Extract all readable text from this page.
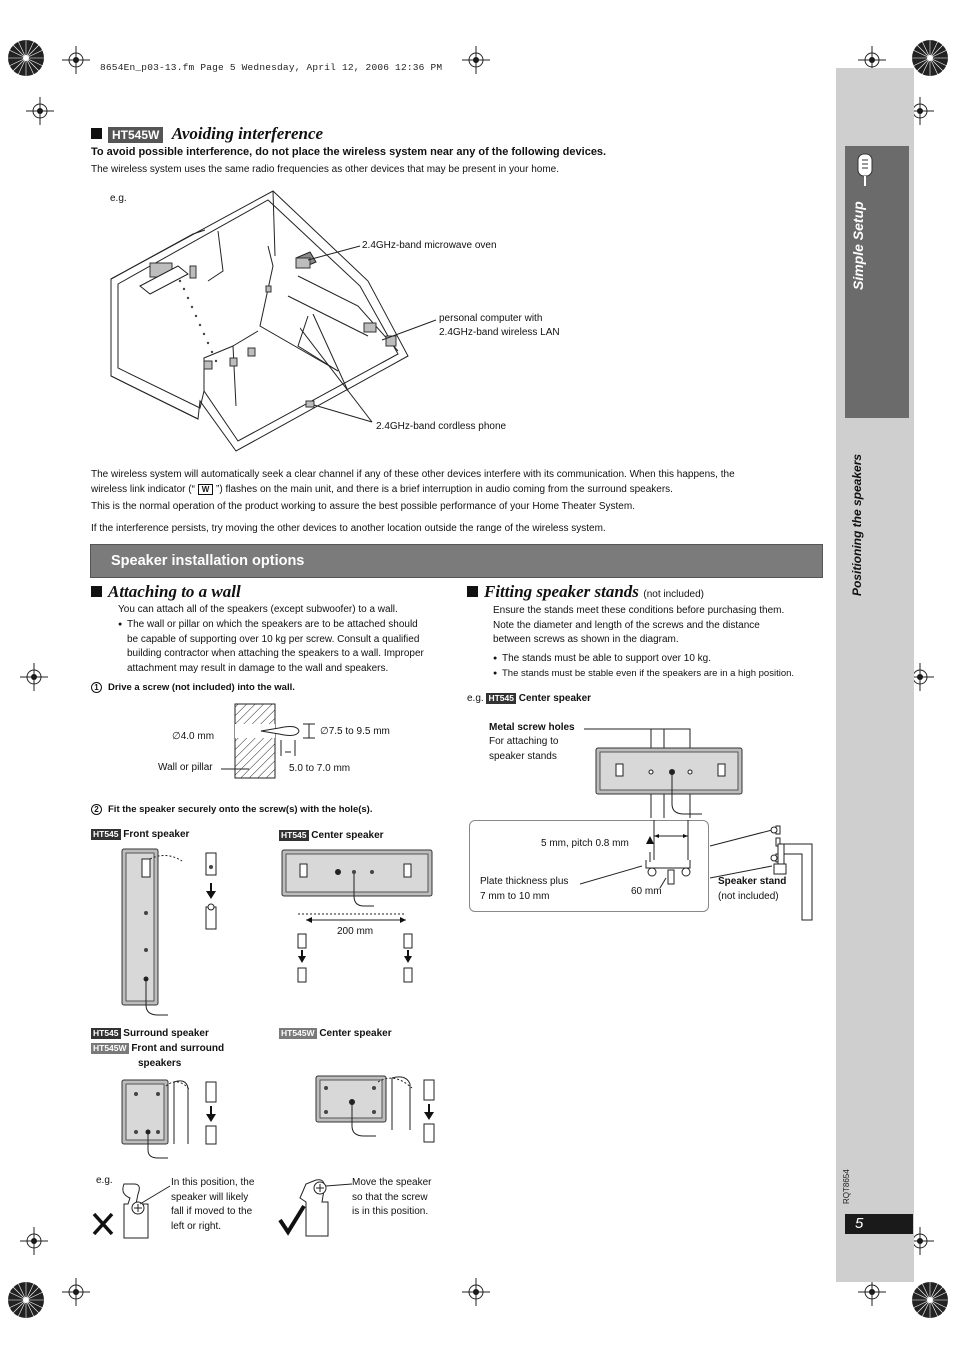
8654En_p03-13.fm Page 5 Wednesday, April 12, 2006 12:36 PM
Simple Setup
Positioning the speakers
RQT8654
5
HT545W Avoiding interference
To avoid possible interference, do not place the wireless system near any of the following devices.
The wireless system uses the same radio frequencies as other devices that may be present in your home.
e.g.
2.4GHz-band microwave oven
personal computer with
2.4GHz-band wireless LAN
2.4GHz-band cordless phone
The wireless system will automatically seek a clear channel if any of these other devices interfere with its communication. When this happens, the
wireless link indicator (“ W ”) flashes on the main unit, and there is a brief interruption in audio coming from the surround speakers.
This is the normal operation of the product working to assure the best possible performance of your Home Theater System.
If the interference persists, try moving the other devices to another location outside the range of the wireless system.
Speaker installation options
Attaching to a wall
You can attach all of the speakers (except subwoofer) to a wall.
● The wall or pillar on which the speakers are to be attached should
be capable of supporting over 10 kg per screw. Consult a qualified
building contractor when attaching the speakers to a wall. Improper
attachment may result in damage to the wall and speakers.
1 Drive a screw (not included) into the wall.
∅4.0 mm	∅7.5 to 9.5 mm
5.0 to 7.0 mm
Wall or pillar
2 Fit the speaker securely onto the screw(s) with the hole(s).
HT545 Front speaker	HT545 Center speaker
200 mm
HT545 Surround speaker
HT545W Front and surround
speakers
HT545W Center speaker
e.g.	In this position, the
speaker will likely
fall if moved to the
left or right.
Move the speaker
so that the screw
is in this position.
Fitting speaker stands (not included)
Ensure the stands meet these conditions before purchasing them.
Note the diameter and length of the screws and the distance
between screws as shown in the diagram.
● The stands must be able to support over 10 kg.
● The stands must be stable even if the speakers are in a high position.
e.g. HT545 Center speaker
Metal screw holes
For attaching to
speaker stands
5 mm, pitch 0.8 mm
Plate thickness plus
7 mm to 10 mm	60 mm
Speaker stand
(not included)
